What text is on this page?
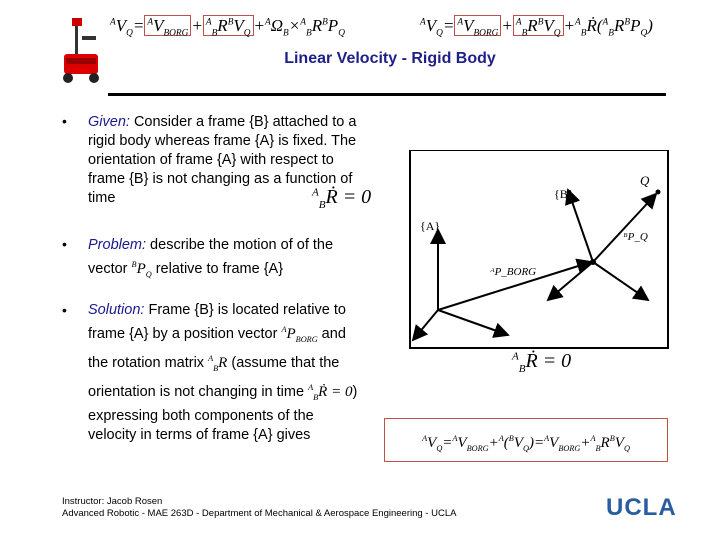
$^AV_Q= ^AV_{BORG} + ^A_BR^BV_Q +^A\Omega_B\times^A_BR^BP_Q$
$^AV_Q= ^AV_{BORG} + ^A_BR^BV_Q$ $+^A_BṘ(^A_BR^BP_Q)$
Linear Velocity - Rigid Body
• Given: Consider a frame {B} attached to a rigid body whereas frame {A} is fixed. The orientation of frame {A} with respect to frame {B} is not changing as a function of time	$^A_B$Ṙ = 0
• Problem: describe the motion of of the vector $^BP_Q$ relative to frame {A}
• Solution: Frame {B} is located relative to frame {A} by a position vector $^AP_{BORG}$ and the rotation matrix $^A_B$R (assume that the orientation is not changing in time $^A_B$Ṙ = 0) expressing both components of the velocity in terms of frame {A} gives
{A}
{B}
Q
ᴬP_BORG
ᴮP_Q
$^A_B$Ṙ = 0
$^AV_Q=^AV_{BORG}+^A(^BV_Q)=^AV_{BORG}+^A_BR^BV_Q$
Instructor: Jacob Rosen
Advanced Robotic - MAE 263D - Department of Mechanical & Aerospace Engineering - UCLA	UCLA
